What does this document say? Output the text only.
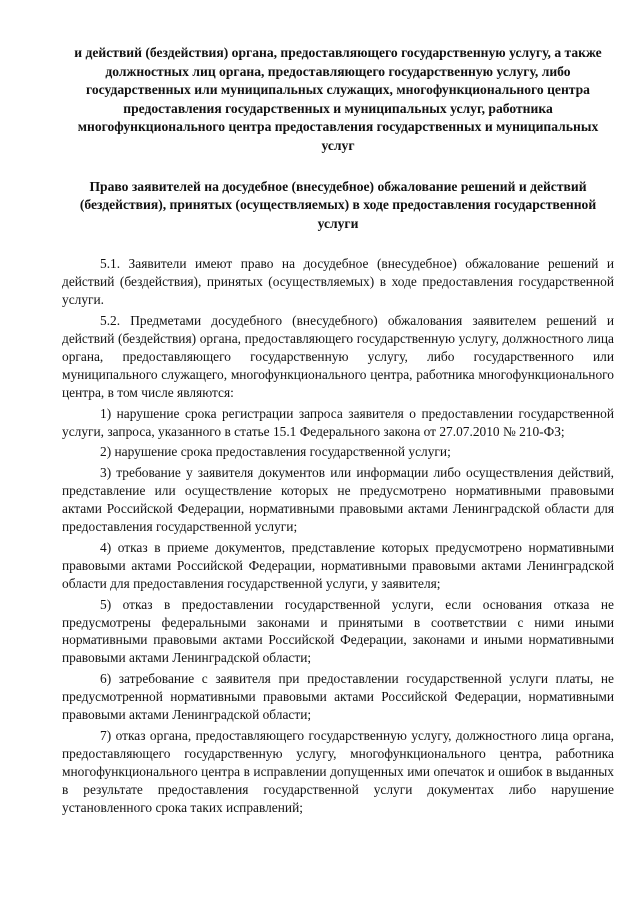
и действий (бездействия) органа, предоставляющего государственную услугу, а также должностных лиц органа, предоставляющего государственную услугу, либо государственных или муниципальных служащих, многофункционального центра предоставления государственных и муниципальных услуг, работника многофункционального центра предоставления государственных и муниципальных услуг

Право заявителей на досудебное (внесудебное) обжалование решений и действий (бездействия), принятых (осуществляемых) в ходе предоставления государственной услуги

5.1. Заявители имеют право на досудебное (внесудебное) обжалование решений и действий (бездействия), принятых (осуществляемых) в ходе предоставления государственной услуги.

5.2. Предметами досудебного (внесудебного) обжалования заявителем решений и действий (бездействия) органа, предоставляющего государственную услугу, должностного лица органа, предоставляющего государственную услугу, либо государственного или муниципального служащего, многофункционального центра, работника многофункционального центра, в том числе являются:

1) нарушение срока регистрации запроса заявителя о предоставлении государственной услуги, запроса, указанного в статье 15.1 Федерального закона от 27.07.2010 № 210-ФЗ;

2) нарушение срока предоставления государственной услуги;

3) требование у заявителя документов или информации либо осуществления действий, представление или осуществление которых не предусмотрено нормативными правовыми актами Российской Федерации, нормативными правовыми актами Ленинградской области для предоставления государственной услуги;

4) отказ в приеме документов, представление которых предусмотрено нормативными правовыми актами Российской Федерации, нормативными правовыми актами Ленинградской области для предоставления государственной услуги, у заявителя;

5) отказ в предоставлении государственной услуги, если основания отказа не предусмотрены федеральными законами и принятыми в соответствии с ними иными нормативными правовыми актами Российской Федерации, законами и иными нормативными правовыми актами Ленинградской области;

6) затребование с заявителя при предоставлении государственной услуги платы, не предусмотренной нормативными правовыми актами Российской Федерации, нормативными правовыми актами Ленинградской области;

7) отказ органа, предоставляющего государственную услугу, должностного лица органа, предоставляющего государственную услугу, многофункционального центра, работника многофункционального центра в исправлении допущенных ими опечаток и ошибок в выданных в результате предоставления государственной услуги документах либо нарушение установленного срока таких исправлений;
